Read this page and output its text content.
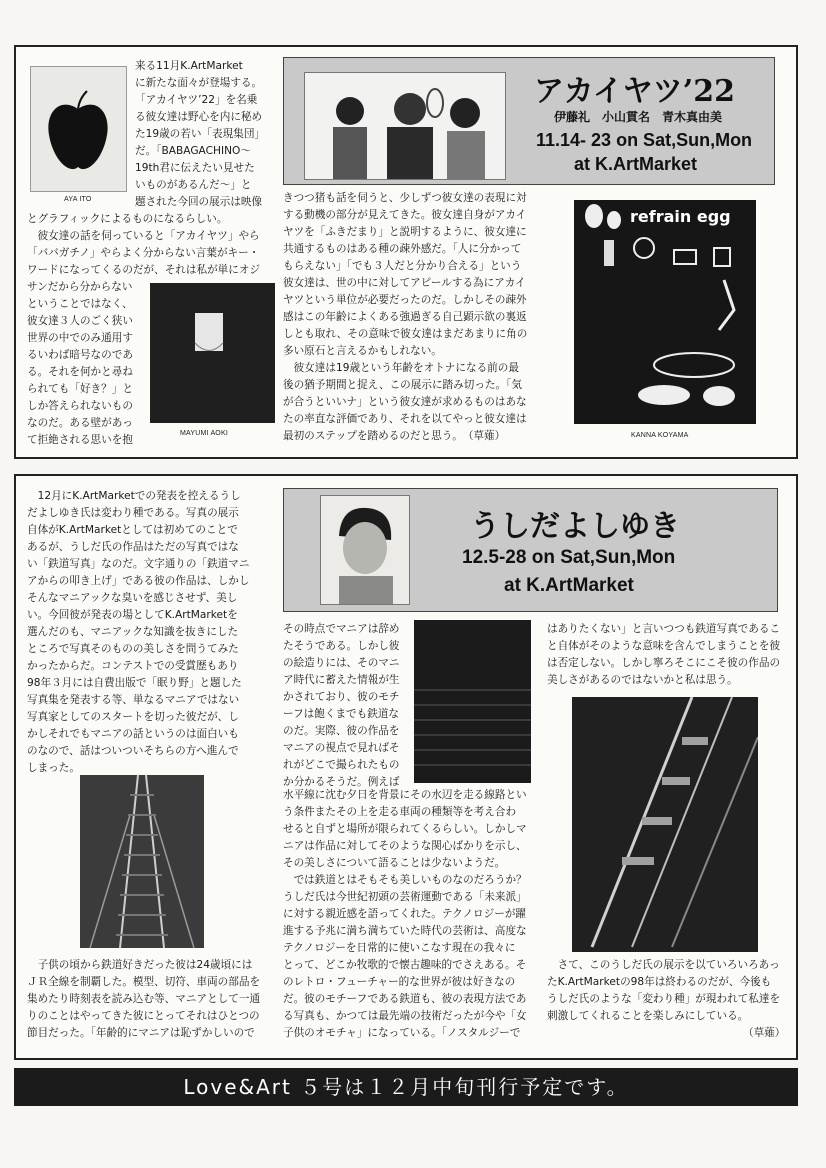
AYA ITO

来る11月K.ArtMarket
に新たな面々が登場する。
「アカイヤツ’22」を名乗
る彼女達は野心を内に秘め
た19歳の若い「表現集団」
だ。「BABAGACHINO～
19th君に伝えたい見せた
いものがあるんだ～」と
題された今回の展示は映像

とグラフィックによるものになるらしい。
　彼女達の話を伺っていると「アカイヤツ」やら
「ババガチノ」やらよく分からない言葉がキー・
ワードになってくるのだが、それは私が単にオジ

サンだから分からない
ということではなく、
彼女達３人のごく狭い
世界の中でのみ通用す
るいわば暗号なのであ
る。それを何かと尋ね
られても「好き？」と
しか答えられないもの
なのだ。ある壁があっ
て拒絶される思いを抱

MAYUMI AOKI
アカイヤツ’22
伊藤礼　小山貫名　青木真由美
11.14- 23 on Sat,Sun,Mon
at K.ArtMarket

きつつ猪も話を伺うと、少しずつ彼女達の表現に対
する動機の部分が見えてきた。彼女達自身がアカイ
ヤツを「ふきだまり」と説明するように、彼女達に
共通するものはある種の疎外感だ。「人に分かって
もらえない」「でも３人だと分かり合える」という
彼女達は、世の中に対してアピールする為にアカイ
ヤツという単位が必要だったのだ。しかしその疎外
感はこの年齢によくある強過ぎる自己顕示欲の裏返
しとも取れ、その意味で彼女達はまだあまりに角の
多い原石と言えるかもしれない。
　彼女達は19歳という年齢をオトナになる前の最
後の猶予期間と捉え、この展示に踏み切った。「気
が合うといいナ」という彼女達が求めるものはあな
たの率直な評価であり、それを以てやっと彼女達は
最初のステップを踏めるのだと思う。　（草薙）

refrain egg
KANNA KOYAMA

　12月にK.ArtMarketでの発表を控えるうし
だよしゆき氏は変わり種である。写真の展示
自体がK.ArtMarketとしては初めてのことで
あるが、うしだ氏の作品はただの写真ではな
い「鉄道写真」なのだ。文字通りの「鉄道マニ
アからの叩き上げ」である彼の作品は、しかし
そんなマニアックな臭いを感じさせず、美し
い。今回彼が発表の場としてK.ArtMarketを
選んだのも、マニアックな知識を抜きにした
ところで写真そのものの美しさを問うてみた
かったからだ。コンテストでの受賞歴もあり
98年３月には自費出版で「眠り野」と題した
写真集を発表する等、単なるマニアではない
写真家としてのスタートを切った彼だが、し
かしそれでもマニアの話というのは面白いも
のなので、話はついついそちらの方へ進んで
しまった。

うしだよしゆき
12.5-28 on Sat,Sun,Mon
at K.ArtMarket

　子供の頃から鉄道好きだった彼は24歳頃には
ＪＲ全線を制覇した。模型、切符、車両の部品を
集めたり時刻表を読み込む等、マニアとして一通
りのことはやってきた彼にとってそれはひとつの
節目だった。「年齢的にマニアは恥ずかしいので

その時点でマニアは辞め
たそうである。しかし彼
の絵造りには、そのマニ
ア時代に蓄えた情報が生
かされており、彼のモチ
ーフは飽くまでも鉄道な
のだ。実際、彼の作品を
マニアの視点で見ればそ
れがどこで撮られたもの
か分かるそうだ。例えば

水平線に沈む夕日を背景にその水辺を走る線路とい
う条件またその上を走る車両の種類等を考え合わ
せると自ずと場所が限られてくるらしい。しかしマ
ニアは作品に対してそのような関心ばかりを示し、
その美しさについて語ることは少ないようだ。
　では鉄道とはそもそも美しいものなのだろうか？
うしだ氏は今世紀初頭の芸術運動である「未来派」
に対する親近感を語ってくれた。テクノロジーが躍
進する予兆に満ち満ちていた時代の芸術は、高度な
テクノロジーを日常的に使いこなす現在の我々に
とって、どこか牧歌的で懐古趣味的でさえある。そ
のレトロ・フューチャー的な世界が彼は好きなの
だ。彼のモチーフである鉄道も、彼の表現方法であ
る写真も、かつては最先端の技術だったが今や「女
子供のオモチャ」になっている。「ノスタルジーで

はありたくない」と言いつつも鉄道写真であるこ
と自体がそのような意味を含んでしまうことを彼
は否定しない。しかし寧ろそこにこそ彼の作品の
美しさがあるのではないかと私は思う。

　さて、このうしだ氏の展示を以ていろいろあっ
たK.ArtMarketの98年は終わるのだが、今後も
うしだ氏のような「変わり種」が現われて私達を
刺激してくれることを楽しみにしている。
　　　　　　　　　　　　　　　　　　　（草薙）

Love&Art ５号は１２月中旬刊行予定です。
